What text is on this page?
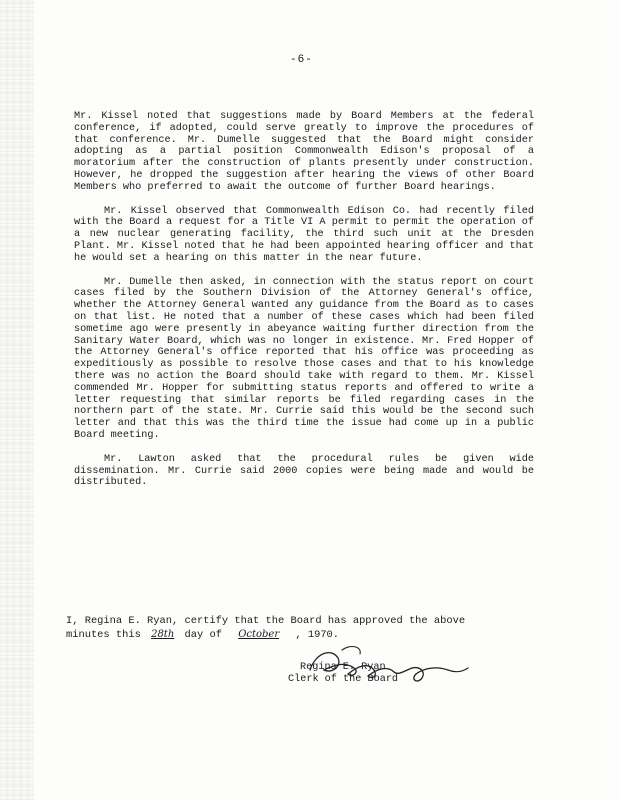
-6-

Mr. Kissel noted that suggestions made by Board Members at the federal conference, if adopted, could serve greatly to improve the procedures of that conference. Mr. Dumelle suggested that the Board might consider adopting as a partial position Commonwealth Edison's proposal of a moratorium after the construction of plants presently under construction. However, he dropped the suggestion after hearing the views of other Board Members who preferred to await the outcome of further Board hearings.

Mr. Kissel observed that Commonwealth Edison Co. had recently filed with the Board a request for a Title VI A permit to permit the operation of a new nuclear generating facility, the third such unit at the Dresden Plant. Mr. Kissel noted that he had been appointed hearing officer and that he would set a hearing on this matter in the near future.

Mr. Dumelle then asked, in connection with the status report on court cases filed by the Southern Division of the Attorney General's office, whether the Attorney General wanted any guidance from the Board as to cases on that list. He noted that a number of these cases which had been filed sometime ago were presently in abeyance waiting further direction from the Sanitary Water Board, which was no longer in existence. Mr. Fred Hopper of the Attorney General's office reported that his office was proceeding as expeditiously as possible to resolve those cases and that to his knowledge there was no action the Board should take with regard to them. Mr. Kissel commended Mr. Hopper for submitting status reports and offered to write a letter requesting that similar reports be filed regarding cases in the northern part of the state. Mr. Currie said this would be the second such letter and that this was the third time the issue had come up in a public Board meeting.

Mr. Lawton asked that the procedural rules be given wide dissemination. Mr. Currie said 2000 copies were being made and would be distributed.

I, Regina E. Ryan, certify that the Board has approved the above
minutes this 28th day of October , 1970.
Regina E. Ryan
Clerk of the Board
